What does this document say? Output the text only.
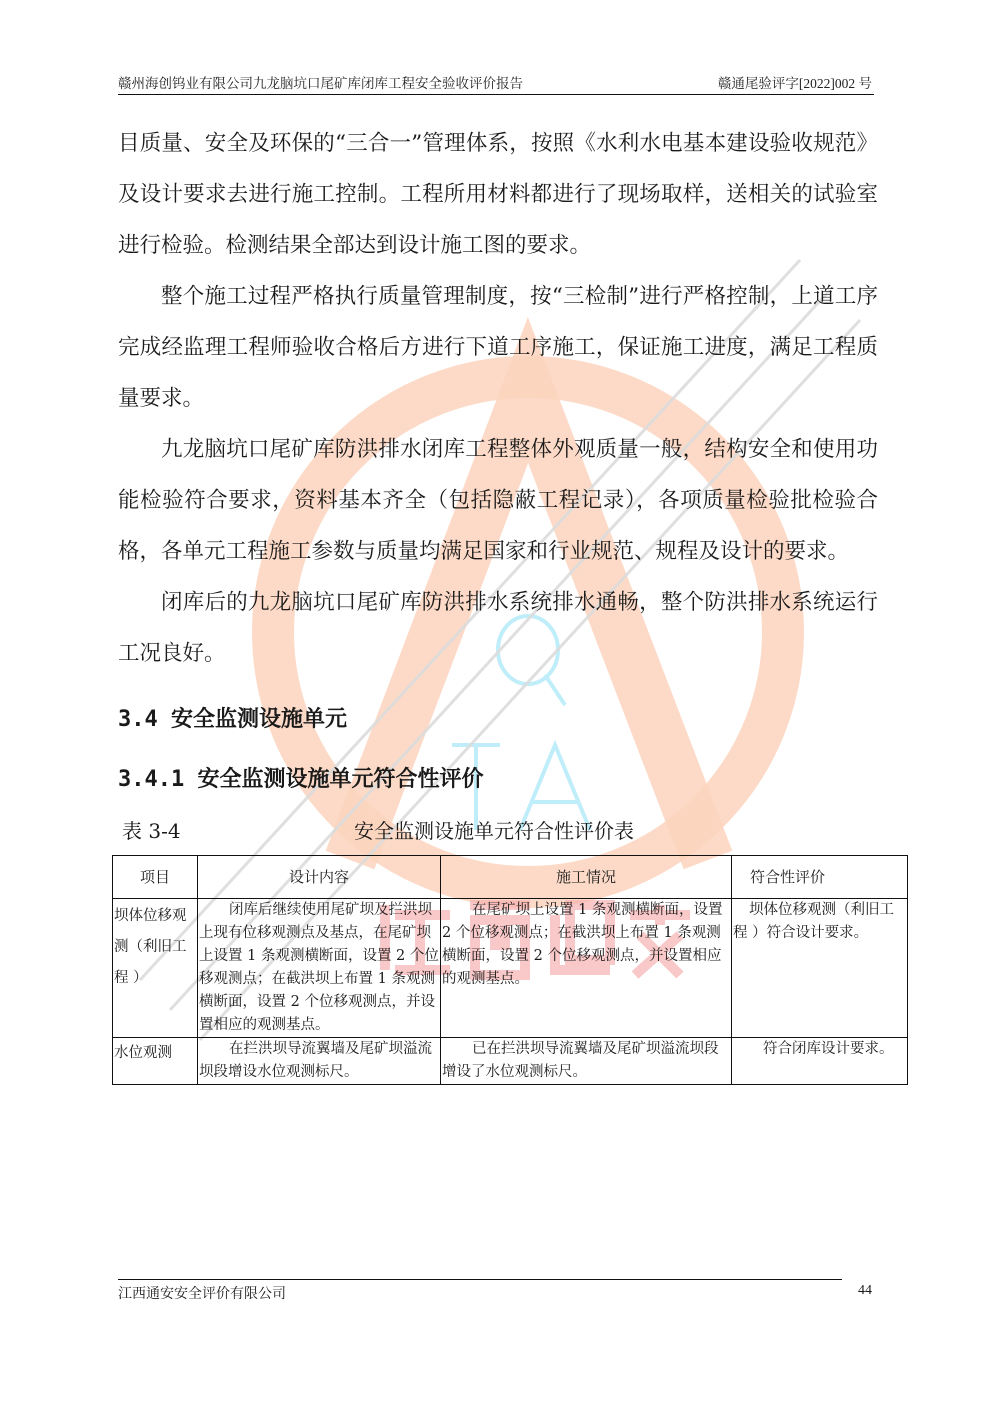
赣州海创钨业有限公司九龙脑坑口尾矿库闭库工程安全验收评价报告	赣通尾验评字[2022]002 号

目质量、安全及环保的“三合一”管理体系，按照《水利水电基本建设验收规范》及设计要求去进行施工控制。工程所用材料都进行了现场取样，送相关的试验室进行检验。检测结果全部达到设计施工图的要求。

整个施工过程严格执行质量管理制度，按“三检制”进行严格控制，上道工序完成经监理工程师验收合格后方进行下道工序施工，保证施工进度，满足工程质量要求。

九龙脑坑口尾矿库防洪排水闭库工程整体外观质量一般，结构安全和使用功能检验符合要求，资料基本齐全（包括隐蔽工程记录），各项质量检验批检验合格，各单元工程施工参数与质量均满足国家和行业规范、规程及设计的要求。

闭库后的九龙脑坑口尾矿库防洪排水系统排水通畅，整个防洪排水系统运行工况良好。

3.4 安全监测设施单元
3.4.1 安全监测设施单元符合性评价
表 3-4	安全监测设施单元符合性评价表
项目	设计内容	施工情况	符合性评价
坝体位移观测（利旧工程 ）	闭库后继续使用尾矿坝及拦洪坝上现有位移观测点及基点，在尾矿坝上设置 1 条观测横断面，设置 2 个位移观测点；在截洪坝上布置 1 条观测横断面，设置 2 个位移观测点，并设置相应的观测基点。	在尾矿坝上设置 1 条观测横断面，设置 2 个位移观测点；在截洪坝上布置 1 条观测横断面，设置 2 个位移观测点，并设置相应的观测基点。	坝体位移观测（利旧工程 ）符合设计要求。
水位观测	在拦洪坝导流翼墙及尾矿坝溢流坝段增设水位观测标尺。	已在拦洪坝导流翼墙及尾矿坝溢流坝段增设了水位观测标尺。	符合闭库设计要求。
江西通安安全评价有限公司	44
